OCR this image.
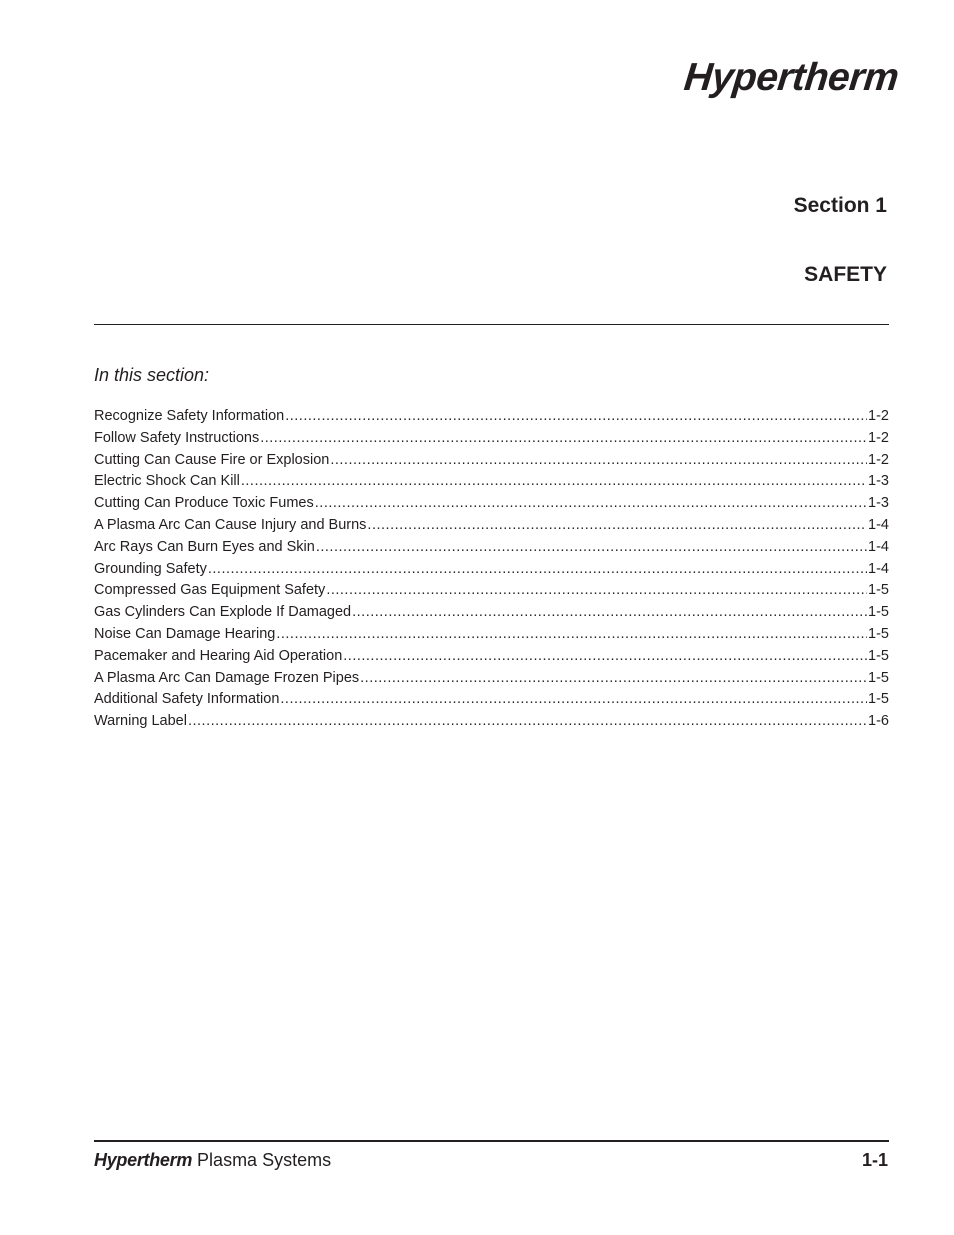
Hypertherm
Section 1
SAFETY
In this section:
Recognize Safety Information .....	1-2
Follow Safety Instructions .....	1-2
Cutting Can Cause Fire or Explosion .....	1-2
Electric Shock Can Kill .....	1-3
Cutting Can Produce Toxic Fumes .....	1-3
A Plasma Arc Can Cause Injury and Burns .....	1-4
Arc Rays Can Burn Eyes and Skin .....	1-4
Grounding Safety .....	1-4
Compressed Gas Equipment Safety .....	1-5
Gas Cylinders Can Explode If Damaged .....	1-5
Noise Can Damage Hearing .....	1-5
Pacemaker and Hearing Aid Operation .....	1-5
A Plasma Arc Can Damage Frozen Pipes .....	1-5
Additional Safety Information .....	1-5
Warning Label .....	1-6
Hypertherm Plasma Systems	1-1
